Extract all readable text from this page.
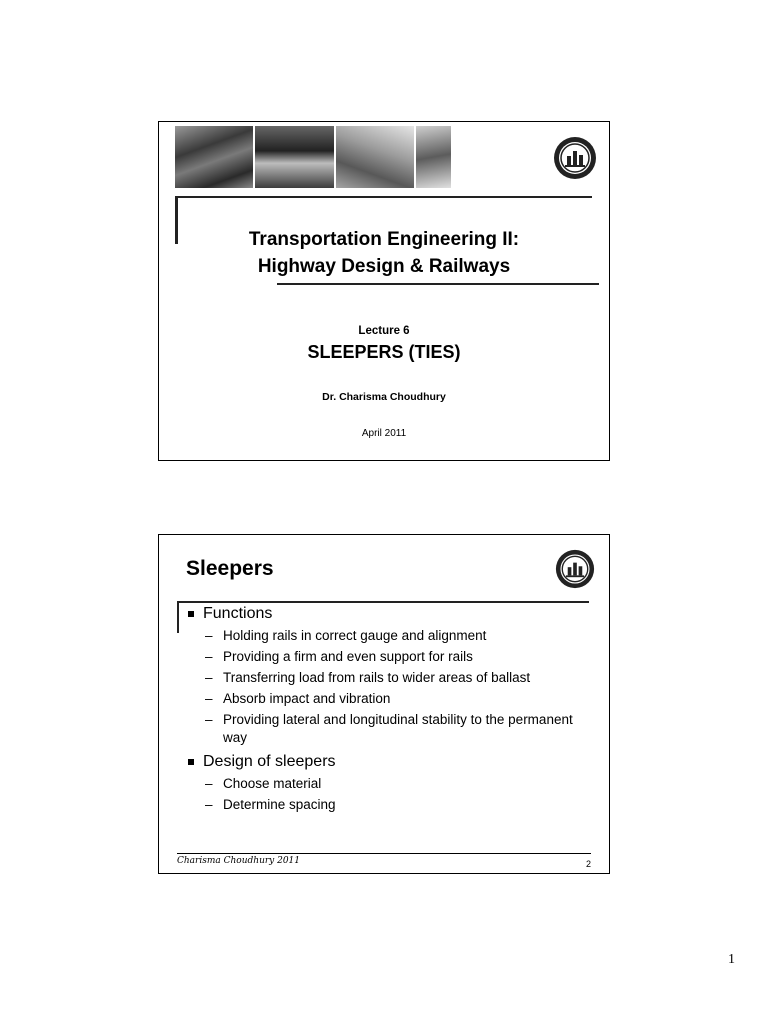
Transportation Engineering II:
Highway Design & Railways
Lecture 6
SLEEPERS (TIES)
Dr. Charisma Choudhury
April 2011
Sleepers
Functions
– Holding rails in correct gauge and alignment
– Providing a firm and even support for rails
– Transferring load from rails to wider areas of ballast
– Absorb impact and vibration
– Providing lateral and longitudinal stability to the permanent way
Design of sleepers
– Choose material
– Determine spacing
Charisma Choudhury 2011	2
1
